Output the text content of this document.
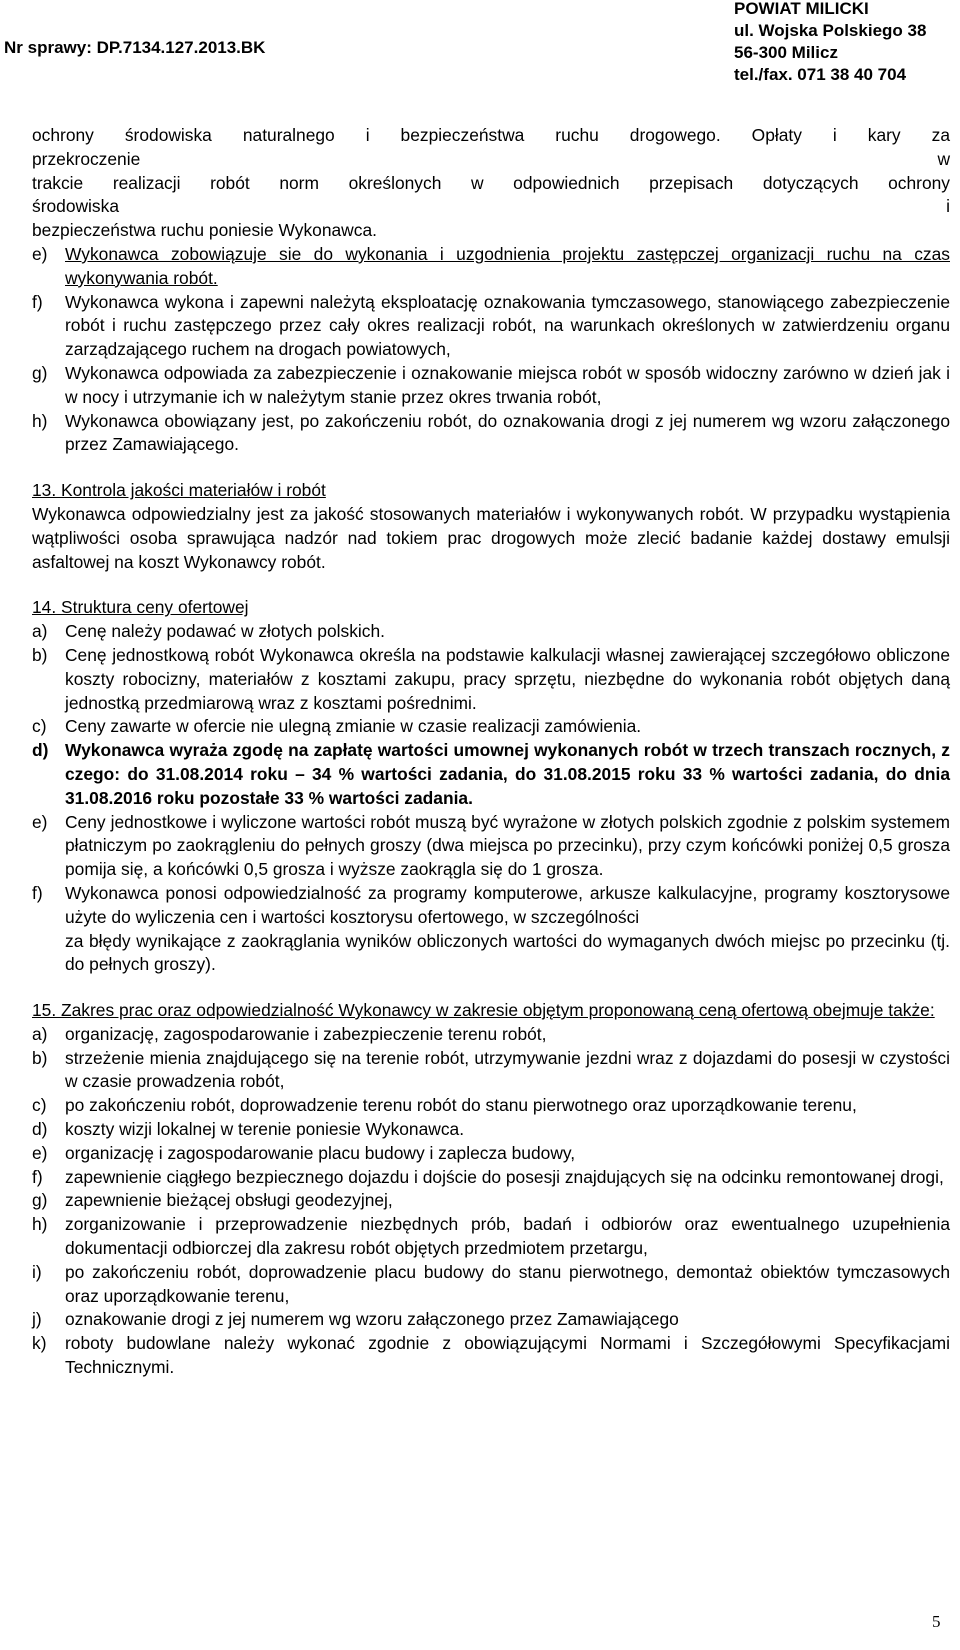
Nr sprawy: DP.7134.127.2013.BK
POWIAT MILICKI
ul. Wojska Polskiego 38
56-300 Milicz
tel./fax. 071 38 40 704
ochrony środowiska naturalnego i bezpieczeństwa ruchu drogowego. Opłaty i kary za
przekroczenie	w
trakcie realizacji robót norm określonych w odpowiednich przepisach dotyczących ochrony
środowiska	i
bezpieczeństwa ruchu poniesie Wykonawca.
e) Wykonawca zobowiązuje sie do wykonania i uzgodnienia projektu zastępczej organizacji ruchu na czas wykonywania robót.
f) Wykonawca wykona i zapewni należytą eksploatację oznakowania tymczasowego, stanowiącego zabezpieczenie robót i ruchu zastępczego przez cały okres realizacji robót, na warunkach określonych w zatwierdzeniu organu zarządzającego ruchem na drogach powiatowych,
g) Wykonawca odpowiada za zabezpieczenie i oznakowanie miejsca robót w sposób widoczny zarówno w dzień jak i w nocy i utrzymanie ich w należytym stanie przez okres trwania robót,
h) Wykonawca obowiązany jest, po zakończeniu robót, do oznakowania drogi z jej numerem wg wzoru załączonego przez Zamawiającego.
13. Kontrola jakości materiałów i robót
Wykonawca odpowiedzialny jest za jakość stosowanych materiałów i wykonywanych robót. W przypadku wystąpienia wątpliwości osoba sprawująca nadzór nad tokiem prac drogowych może zlecić badanie każdej dostawy emulsji asfaltowej na koszt Wykonawcy robót.
14. Struktura ceny ofertowej
a) Cenę należy podawać w złotych polskich.
b) Cenę jednostkową robót Wykonawca określa na podstawie kalkulacji własnej zawierającej szczegółowo obliczone koszty robocizny, materiałów z kosztami zakupu, pracy sprzętu, niezbędne do wykonania robót objętych daną jednostką przedmiarową wraz z kosztami pośrednimi.
c) Ceny zawarte w ofercie nie ulegną zmianie w czasie realizacji zamówienia.
d) Wykonawca wyraża zgodę na zapłatę wartości umownej wykonanych robót w trzech transzach rocznych, z czego: do 31.08.2014 roku – 34 % wartości zadania, do 31.08.2015 roku 33 % wartości zadania, do dnia 31.08.2016 roku pozostałe 33 % wartości zadania.
e) Ceny jednostkowe i wyliczone wartości robót muszą być wyrażone w złotych polskich zgodnie z polskim systemem płatniczym po zaokrągleniu do pełnych groszy (dwa miejsca po przecinku), przy czym końcówki poniżej 0,5 grosza pomija się, a końcówki 0,5 grosza i wyższe zaokrągla się do 1 grosza.
f) Wykonawca ponosi odpowiedzialność za programy komputerowe, arkusze kalkulacyjne, programy kosztorysowe użyte do wyliczenia cen i wartości kosztorysu ofertowego, w szczególności
za błędy wynikające z zaokrąglania wyników obliczonych wartości do wymaganych dwóch miejsc po przecinku (tj. do pełnych groszy).
15. Zakres prac oraz odpowiedzialność Wykonawcy w zakresie objętym proponowaną ceną ofertową obejmuje także:
a) organizację, zagospodarowanie i zabezpieczenie terenu robót,
b) strzeżenie mienia znajdującego się na terenie robót, utrzymywanie jezdni wraz z dojazdami do posesji w czystości w czasie prowadzenia robót,
c) po zakończeniu robót, doprowadzenie terenu robót do stanu pierwotnego oraz uporządkowanie terenu,
d) koszty wizji lokalnej w terenie poniesie Wykonawca.
e) organizację i zagospodarowanie placu budowy i zaplecza budowy,
f) zapewnienie ciągłego bezpiecznego dojazdu i dojście do posesji znajdujących się na odcinku remontowanej drogi,
g) zapewnienie bieżącej obsługi geodezyjnej,
h) zorganizowanie i przeprowadzenie niezbędnych prób, badań i odbiorów oraz ewentualnego uzupełnienia dokumentacji odbiorczej dla zakresu robót objętych przedmiotem przetargu,
i) po zakończeniu robót, doprowadzenie placu budowy do stanu pierwotnego, demontaż obiektów tymczasowych oraz uporządkowanie terenu,
j) oznakowanie drogi z jej numerem wg wzoru załączonego przez Zamawiającego
k) roboty budowlane należy wykonać zgodnie z obowiązującymi Normami i Szczegółowymi Specyfikacjami Technicznymi.
5
